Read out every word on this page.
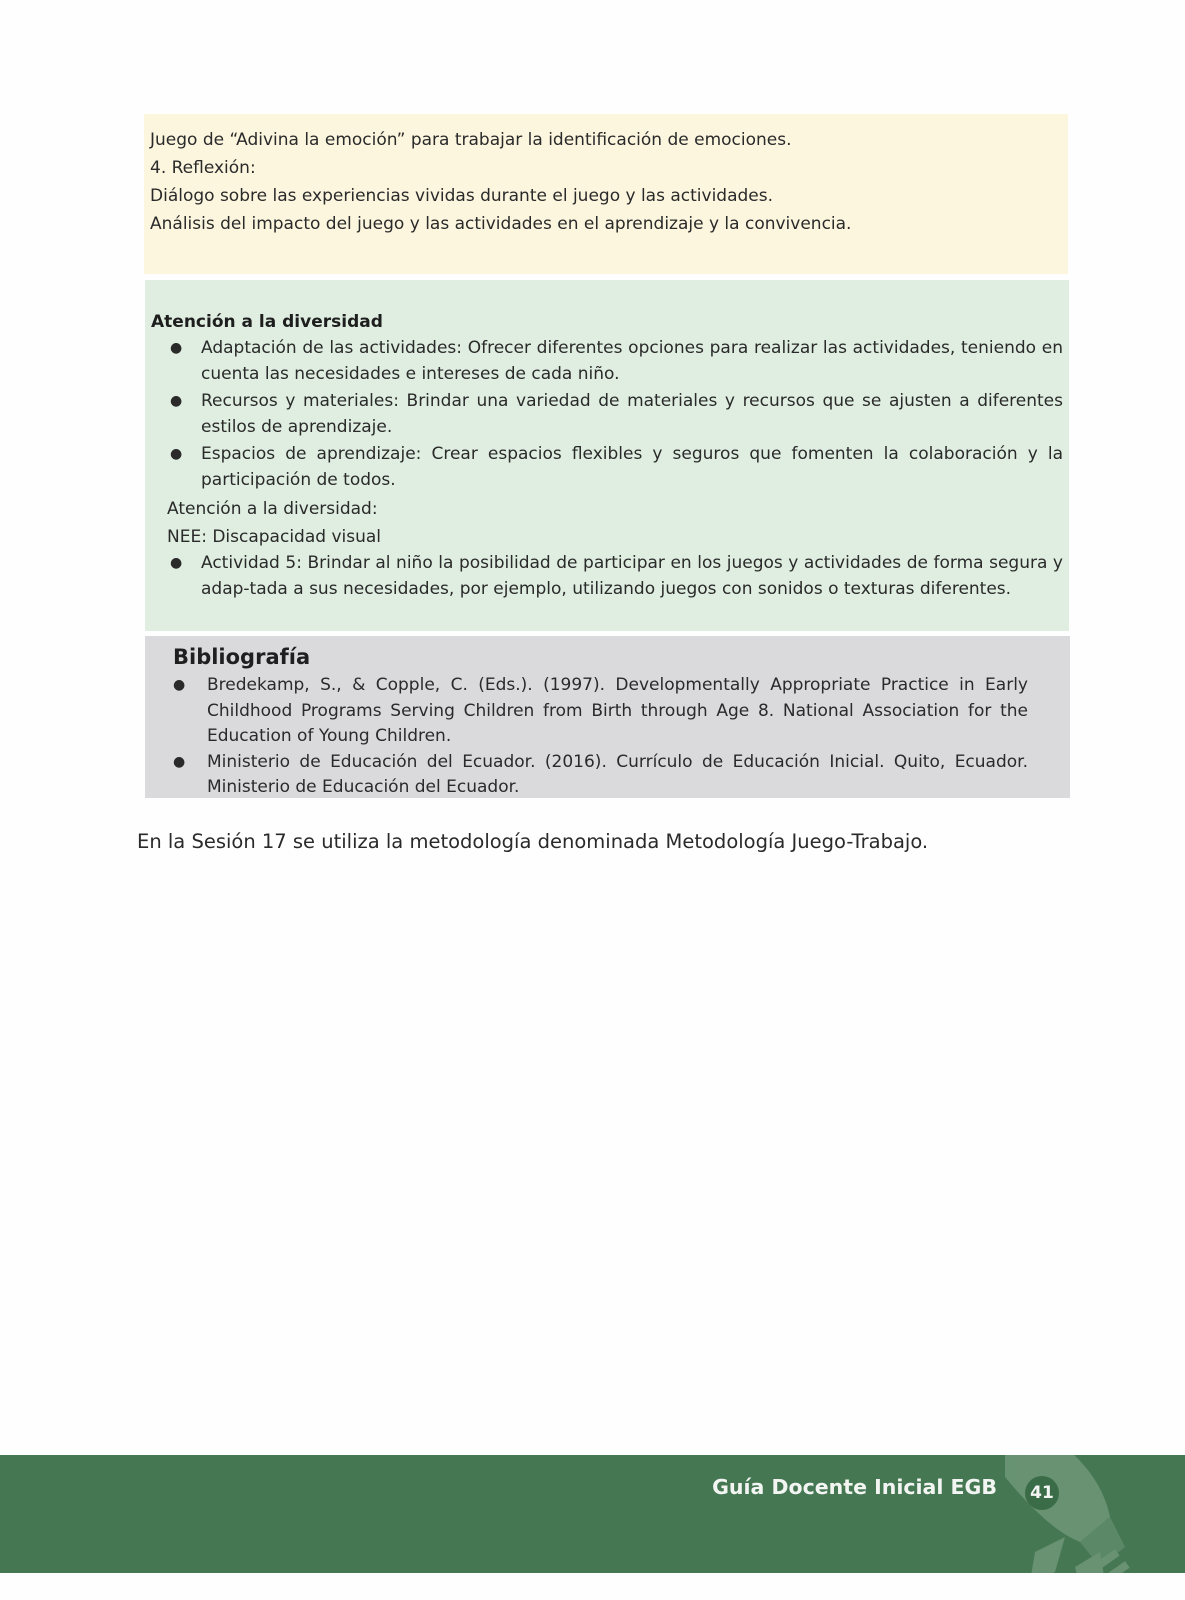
Juego de “Adivina la emoción” para trabajar la identificación de emociones.
4. Reflexión:
Diálogo sobre las experiencias vividas durante el juego y las actividades.
Análisis del impacto del juego y las actividades en el aprendizaje y la convivencia.
Atención a la diversidad
● Adaptación de las actividades: Ofrecer diferentes opciones para realizar las actividades, teniendo en cuenta las necesidades e intereses de cada niño.
● Recursos y materiales: Brindar una variedad de materiales y recursos que se ajusten a diferentes estilos de aprendizaje.
● Espacios de aprendizaje: Crear espacios flexibles y seguros que fomenten la colaboración y la participación de todos.
Atención a la diversidad:
NEE: Discapacidad visual
● Actividad 5: Brindar al niño la posibilidad de participar en los juegos y actividades de forma segura y adap-tada a sus necesidades, por ejemplo, utilizando juegos con sonidos o texturas diferentes.
Bibliografía
● Bredekamp, S., & Copple, C. (Eds.). (1997). Developmentally Appropriate Practice in Early Childhood Programs Serving Children from Birth through Age 8. National Association for the Education of Young Children.
● Ministerio de Educación del Ecuador. (2016). Currículo de Educación Inicial. Quito, Ecuador. Ministerio de Educación del Ecuador.
En la Sesión 17 se utiliza la metodología denominada Metodología Juego-Trabajo.
Guía Docente Inicial EGB	41
